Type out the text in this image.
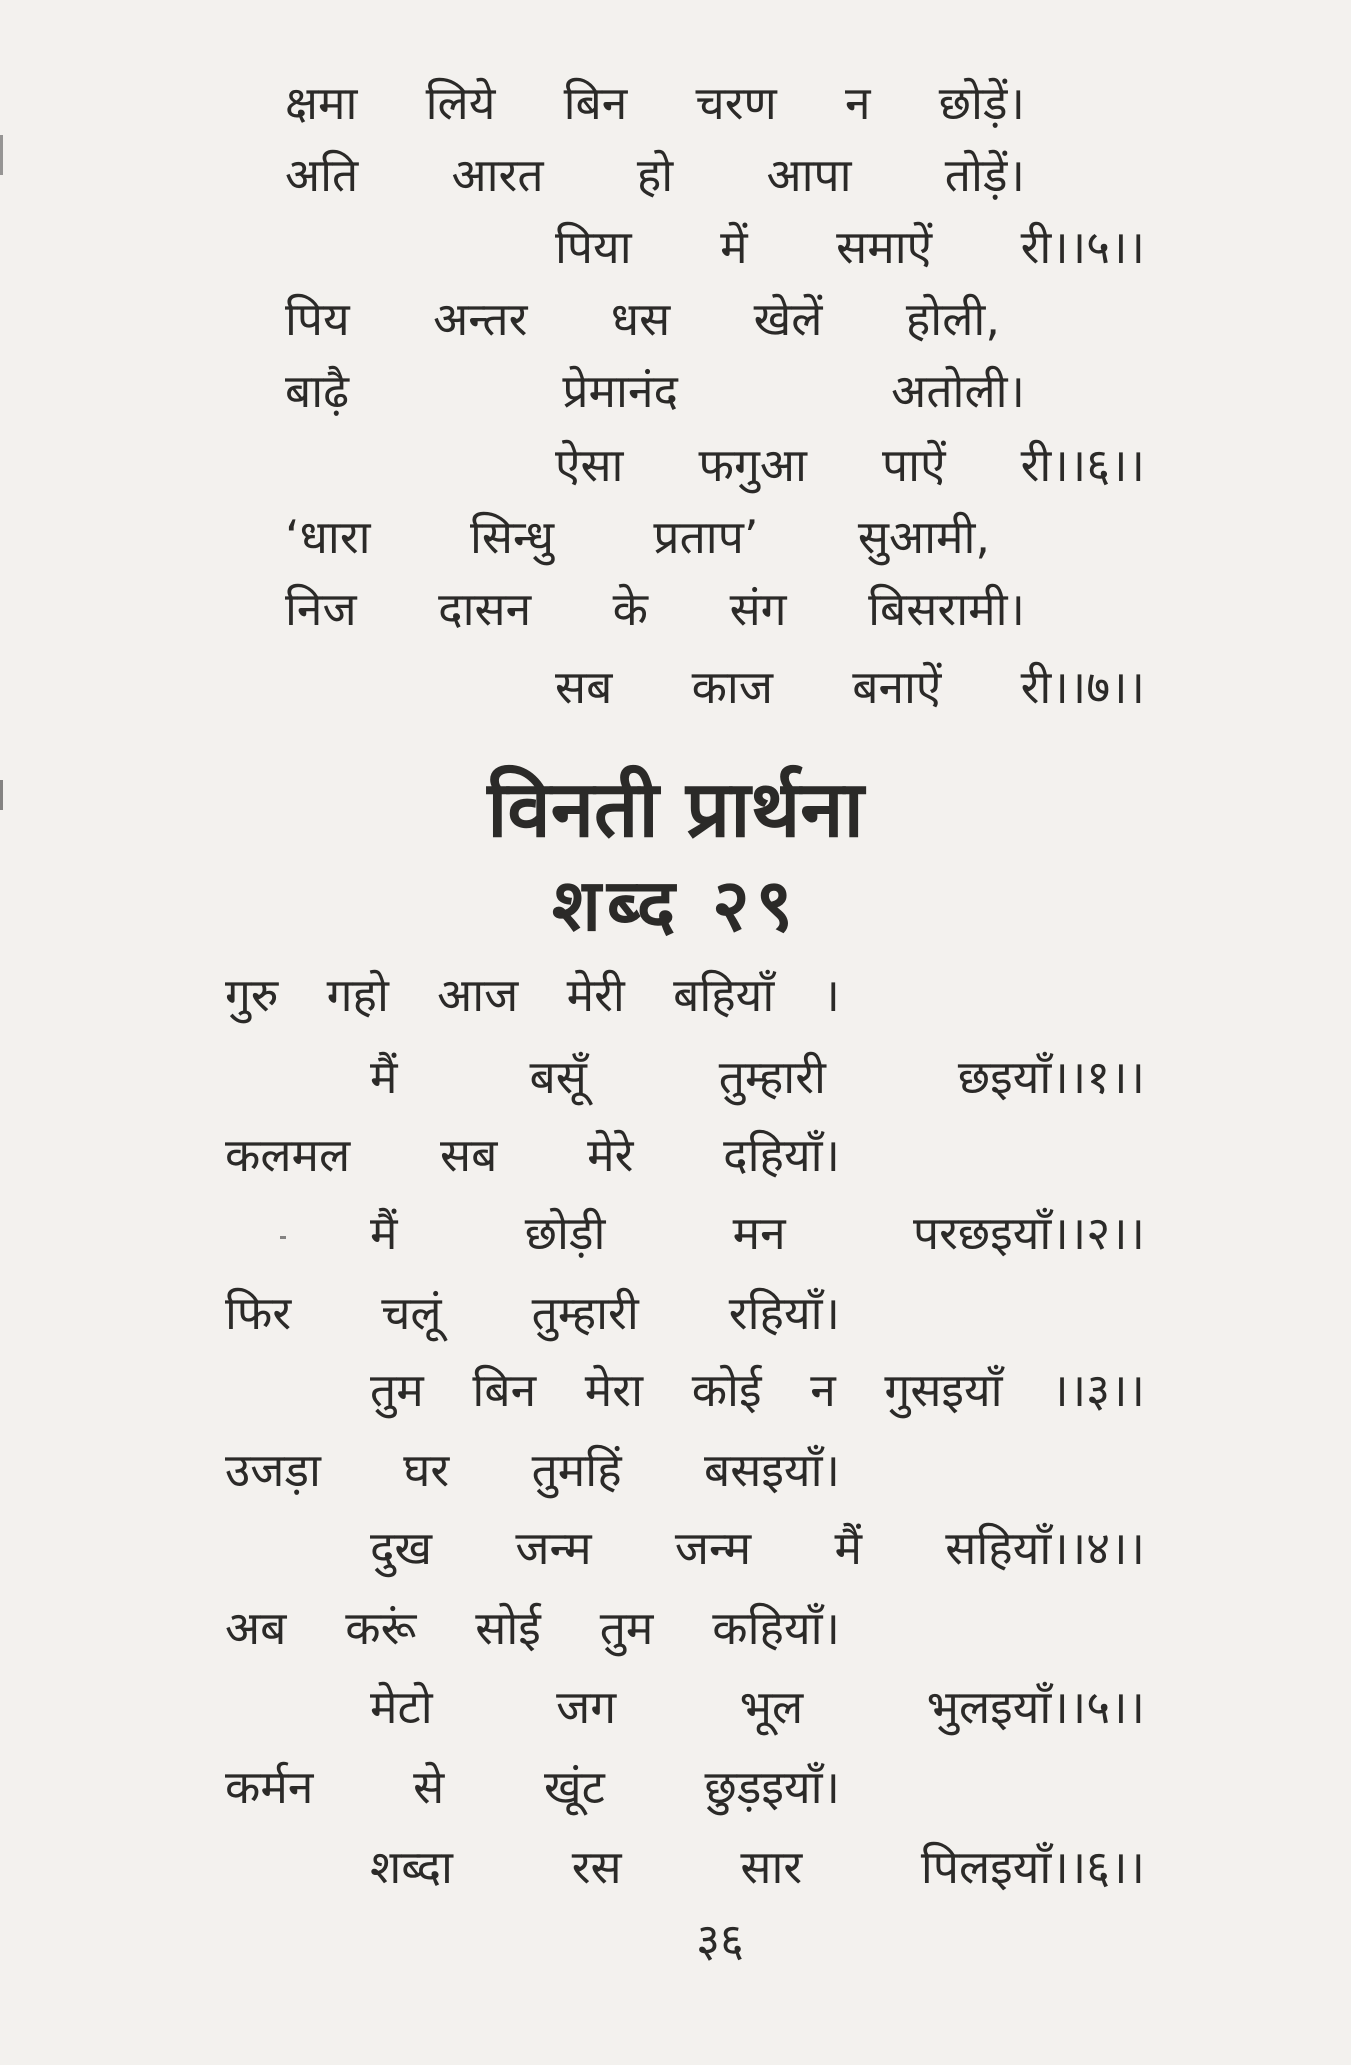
क्षमा लिये बिन चरण न छोड़ें।
अति आरत हो आपा तोड़ें।
पिया में समाऐं री।।५।।
पिय अन्तर धस खेलें होली,
बाढ़ै	प्रेमानंद	अतोली।
ऐसा फगुआ पाऐं री।।६।।
‘धारा सिन्धु प्रताप’ सुआमी,
निज दासन के संग बिसरामी।
सब काज बनाऐं री।।७।।
विनती प्रार्थना
शब्द २९
गुरु गहो आज मेरी बहियाँ ।
मैं	बसूँ	तुम्हारी	छइयाँ।।१।।
कलमल सब मेरे दहियाँ।
मैं	छोड़ी	मन	परछइयाँ।।२।।
फिर चलूं तुम्हारी रहियाँ।
तुम बिन मेरा कोई न गुसइयाँ ।।३।।
उजड़ा घर तुमहिं बसइयाँ।
दुख जन्म जन्म मैं सहियाँ।।४।।
अब करूं सोई तुम कहियाँ।
मेटो	जग	भूल	भुलइयाँ।।५।।
कर्मन से खूंट छुड़इयाँ।
शब्दा	रस	सार	पिलइयाँ।।६।।
३६
